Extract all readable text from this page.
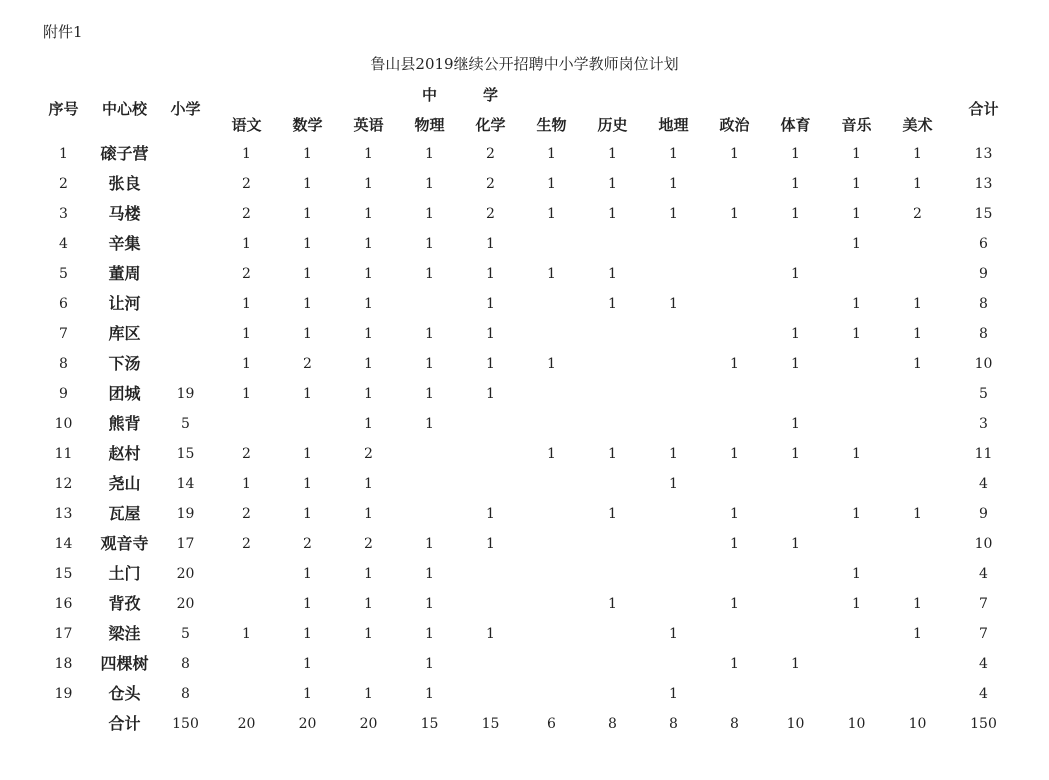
附件1
鲁山县2019继续公开招聘中小学教师岗位计划
序号	中心校	小学				中 学									合计
			语文	数学	英语	物理	化学	生物	历史	地理	政治	体育	音乐	美术	
1	磙子营		1	1	1	1	2	1	1	1	1	1	1	1	13
2	张良		2	1	1	1	2	1	1	1		1	1	1	13
3	马楼		2	1	1	1	2	1	1	1	1	1	1	2	15
4	辛集		1	1	1	1	1						1		6
5	董周		2	1	1	1	1	1	1			1			9
6	让河		1	1	1		1		1	1			1	1	8
7	库区		1	1	1	1	1					1	1	1	8
8	下汤		1	2	1	1	1	1			1	1		1	10
9	团城	19	1	1	1	1	1								5
10	熊背	5			1	1						1			3
11	赵村	15	2	1	2			1	1	1	1	1	1		11
12	尧山	14	1	1	1					1					4
13	瓦屋	19	2	1	1		1		1		1		1	1	9
14	观音寺	17	2	2	2	1	1				1	1			10
15	土门	20		1	1	1							1		4
16	背孜	20		1	1	1			1		1		1	1	7
17	梁洼	5	1	1	1	1	1			1				1	7
18	四棵树	8		1		1					1	1			4
19	仓头	8		1	1	1				1					4
	合计	150	20	20	20	15	15	6	8	8	8	10	10	10	150
